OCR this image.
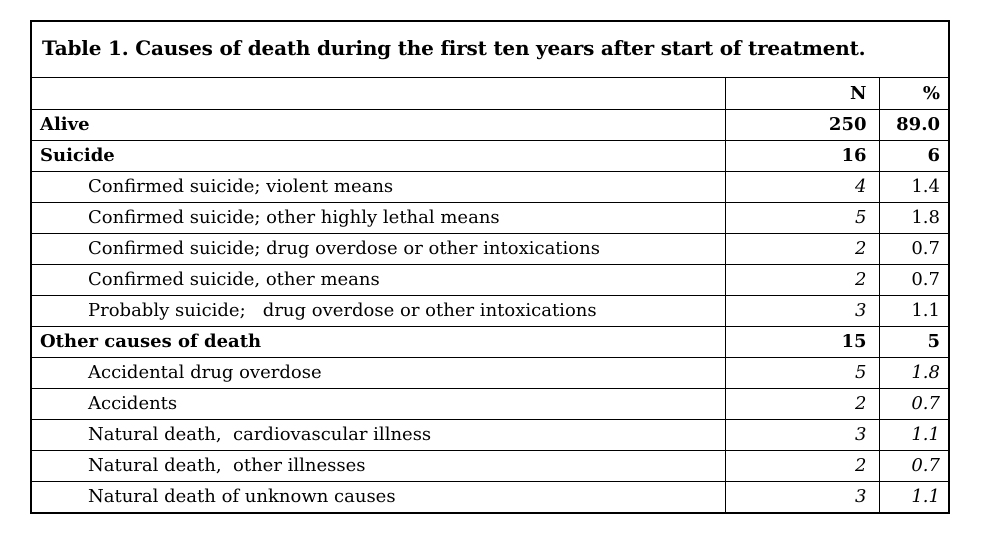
Table 1. Causes of death during the first ten years after start of treatment.
	N	%
Alive	250	89.0
Suicide	16	6
Confirmed suicide; violent means	4	1.4
Confirmed suicide; other highly lethal means	5	1.8
Confirmed suicide; drug overdose or other intoxications	2	0.7
Confirmed suicide, other means	2	0.7
Probably suicide;   drug overdose or other intoxications	3	1.1
Other causes of death	15	5
Accidental drug overdose	5	1.8
Accidents	2	0.7
Natural death,  cardiovascular illness	3	1.1
Natural death,  other illnesses	2	0.7
Natural death of unknown causes	3	1.1
